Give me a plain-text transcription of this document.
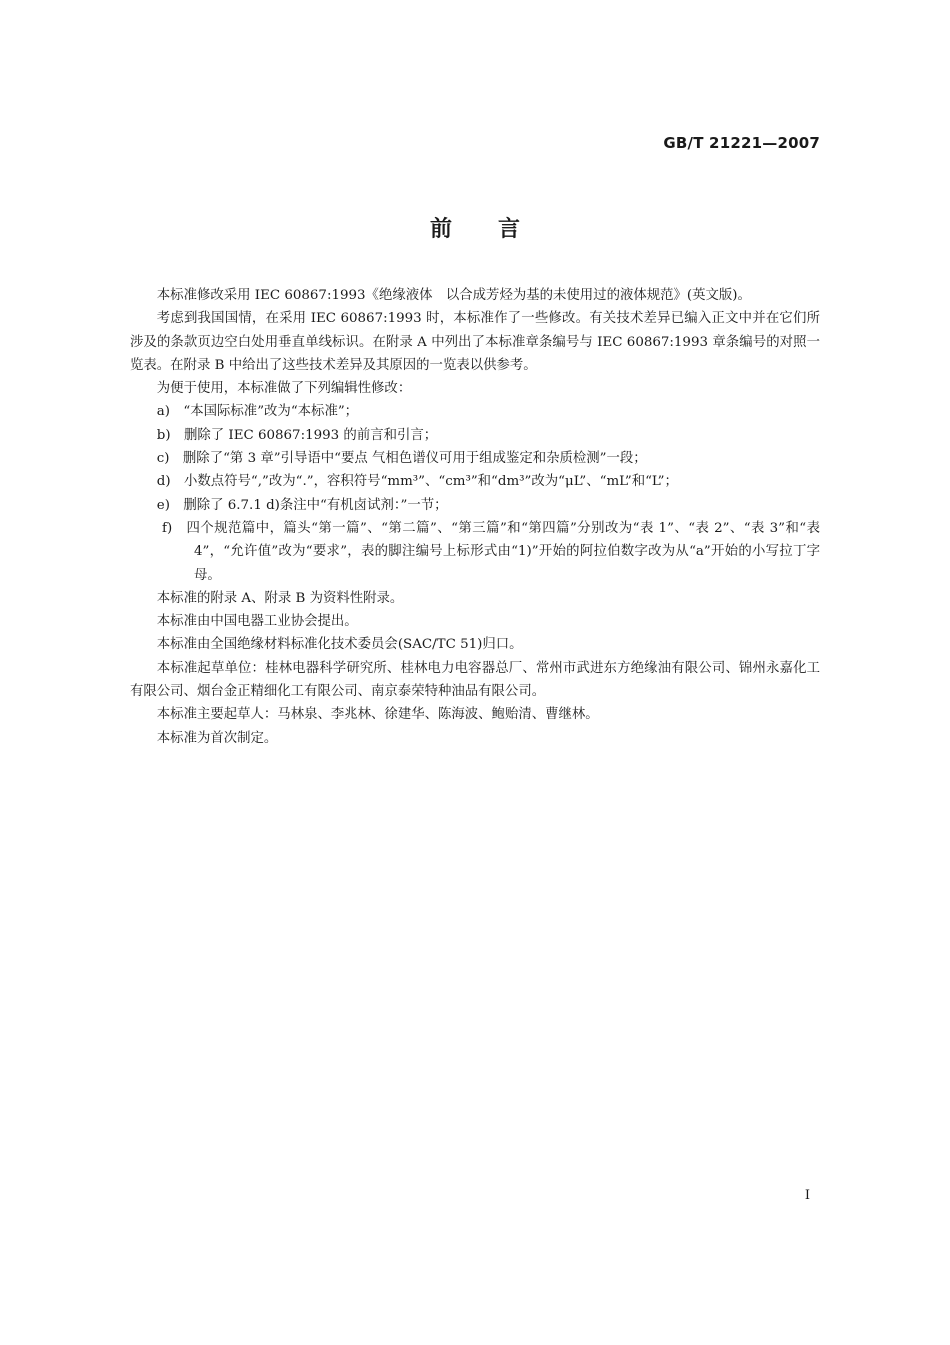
GB/T 21221—2007
前 言

本标准修改采用 IEC 60867:1993《绝缘液体　以合成芳烃为基的未使用过的液体规范》(英文版)。

考虑到我国国情，在采用 IEC 60867:1993 时，本标准作了一些修改。有关技术差异已编入正文中并在它们所涉及的条款页边空白处用垂直单线标识。在附录 A 中列出了本标准章条编号与 IEC 60867:1993 章条编号的对照一览表。在附录 B 中给出了这些技术差异及其原因的一览表以供参考。

为便于使用，本标准做了下列编辑性修改：

a)　“本国际标准”改为“本标准”；
b)　删除了 IEC 60867:1993 的前言和引言；
c)　删除了“第 3 章”引导语中“要点 气相色谱仪可用于组成鉴定和杂质检测”一段；
d)　小数点符号“,”改为“.”，容积符号“mm³”、“cm³”和“dm³”改为“μL”、“mL”和“L”；
e)　删除了 6.7.1 d)条注中“有机卤试剂：”一节；
f)　四个规范篇中，篇头“第一篇”、“第二篇”、“第三篇”和“第四篇”分别改为“表 1”、“表 2”、“表 3”和“表 4”，“允许值”改为“要求”，表的脚注编号上标形式由“1)”开始的阿拉伯数字改为从“a”开始的小写拉丁字母。

本标准的附录 A、附录 B 为资料性附录。

本标准由中国电器工业协会提出。

本标准由全国绝缘材料标准化技术委员会(SAC/TC 51)归口。

本标准起草单位：桂林电器科学研究所、桂林电力电容器总厂、常州市武进东方绝缘油有限公司、锦州永嘉化工有限公司、烟台金正精细化工有限公司、南京泰荣特种油品有限公司。

本标准主要起草人：马林泉、李兆林、徐建华、陈海波、鲍贻清、曹继林。

本标准为首次制定。

I
